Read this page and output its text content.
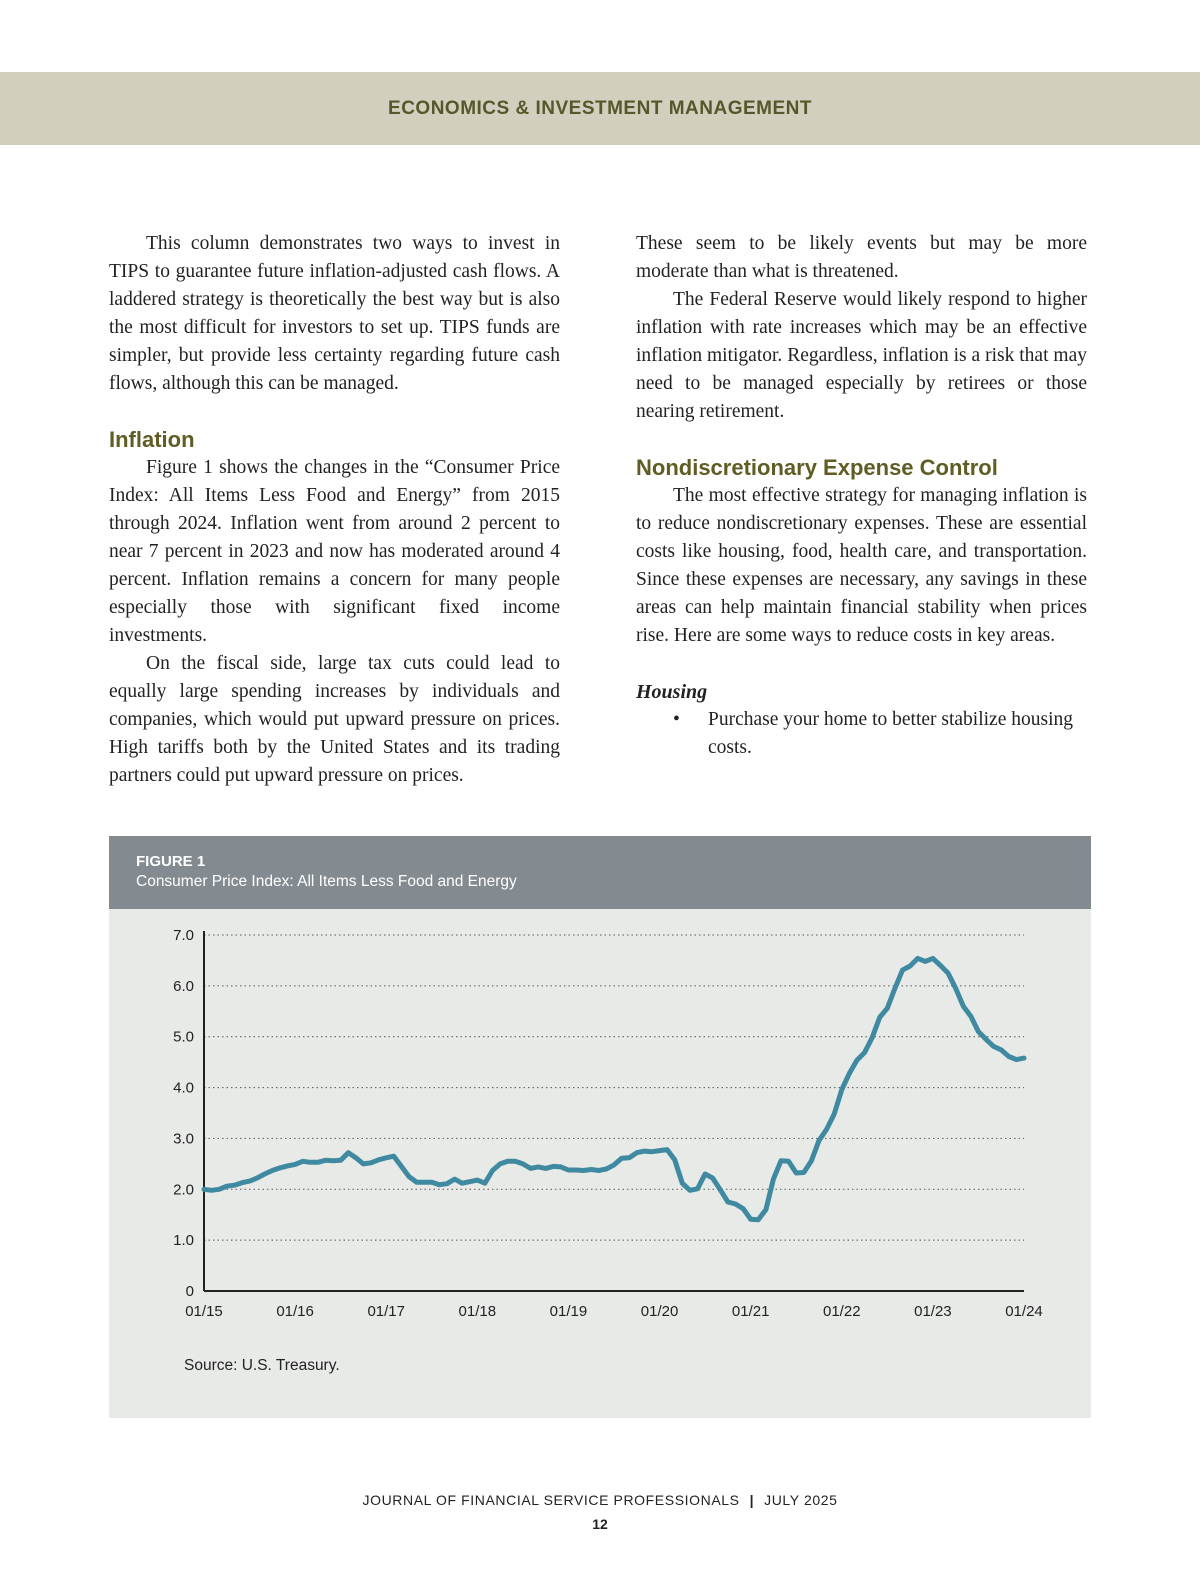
ECONOMICS & INVESTMENT MANAGEMENT

This column demonstrates two ways to invest in TIPS to guarantee future inflation-adjusted cash flows. A laddered strategy is theoretically the best way but is also the most difficult for investors to set up. TIPS funds are simpler, but provide less certainty regarding future cash flows, although this can be managed.

Inflation

Figure 1 shows the changes in the “Consumer Price Index: All Items Less Food and Energy” from 2015 through 2024. Inflation went from around 2 percent to near 7 percent in 2023 and now has moderated around 4 percent. Inflation remains a concern for many people especially those with significant fixed income investments.

On the fiscal side, large tax cuts could lead to equally large spending increases by individuals and companies, which would put upward pressure on prices. High tariffs both by the United States and its trading partners could put upward pressure on prices.

These seem to be likely events but may be more moderate than what is threatened.

The Federal Reserve would likely respond to higher inflation with rate increases which may be an effective inflation mitigator. Regardless, inflation is a risk that may need to be managed especially by retirees or those nearing retirement.

Nondiscretionary Expense Control

The most effective strategy for managing inflation is to reduce nondiscretionary expenses. These are essential costs like housing, food, health care, and transportation. Since these expenses are necessary, any savings in these areas can help maintain financial stability when prices rise. Here are some ways to reduce costs in key areas.

Housing
• Purchase your home to better stabilize housing costs.
FIGURE 1
Consumer Price Index: All Items Less Food and Energy
0
1.0
2.0
3.0
4.0
5.0
6.0
7.0
01/15	01/16	01/17	01/18	01/19	01/20	01/21	01/22	01/23	01/24
Source: U.S. Treasury.
JOURNAL OF FINANCIAL SERVICE PROFESSIONALS | JULY 2025
12
